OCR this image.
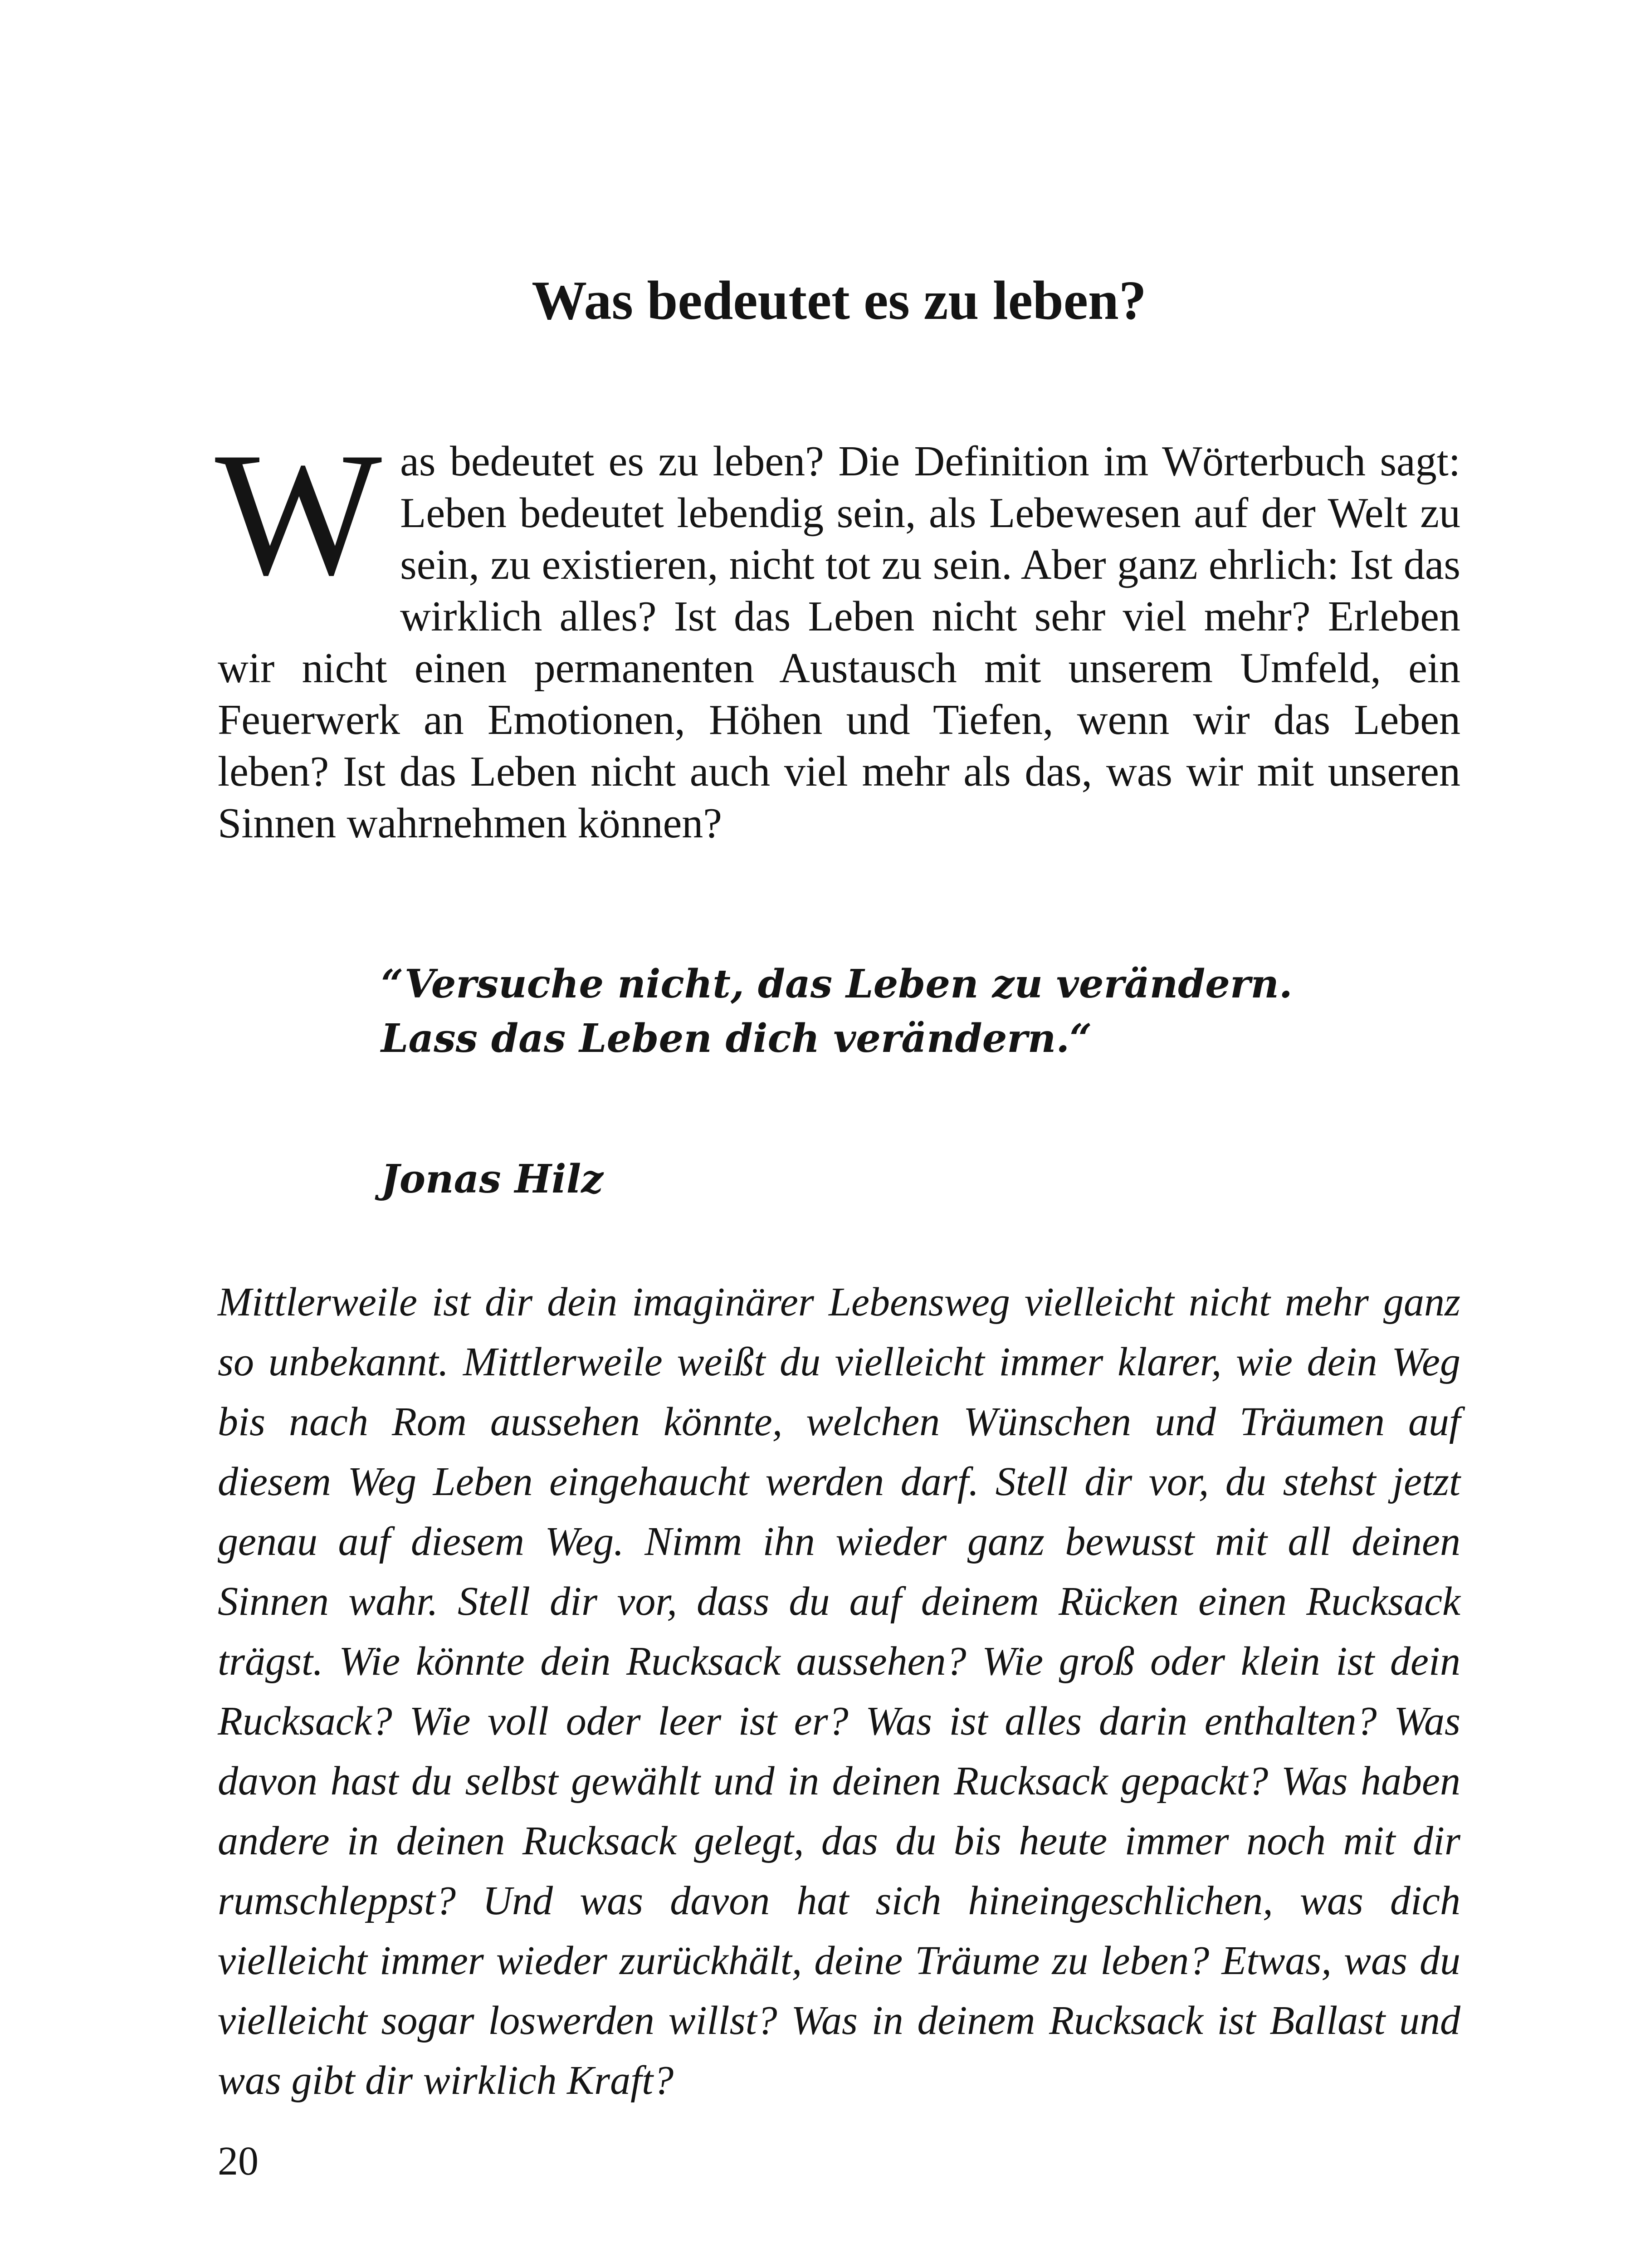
Was bedeutet es zu leben?

Was bedeutet es zu leben? Die Definition im Wörterbuch sagt: Leben bedeutet lebendig sein, als Lebewesen auf der Welt zu sein, zu existieren, nicht tot zu sein. Aber ganz ehrlich: Ist das wirklich alles? Ist das Leben nicht sehr viel mehr? Erleben wir nicht einen permanenten Austausch mit unserem Umfeld, ein Feuerwerk an Emotionen, Höhen und Tiefen, wenn wir das Leben leben? Ist das Leben nicht auch viel mehr als das, was wir mit unseren Sinnen wahrnehmen können?

“Versuche nicht, das Leben zu verändern.
Lass das Leben dich verändern.“
Jonas Hilz

Mittlerweile ist dir dein imaginärer Lebensweg vielleicht nicht mehr ganz so unbekannt. Mittlerweile weißt du vielleicht immer klarer, wie dein Weg bis nach Rom aussehen könnte, welchen Wünschen und Träumen auf diesem Weg Leben eingehaucht werden darf. Stell dir vor, du stehst jetzt genau auf diesem Weg. Nimm ihn wieder ganz bewusst mit all deinen Sinnen wahr. Stell dir vor, dass du auf deinem Rücken einen Rucksack trägst. Wie könnte dein Rucksack aussehen? Wie groß oder klein ist dein Rucksack? Wie voll oder leer ist er? Was ist alles darin enthalten? Was davon hast du selbst gewählt und in deinen Rucksack gepackt? Was haben andere in deinen Rucksack gelegt, das du bis heute immer noch mit dir rumschleppst? Und was davon hat sich hineingeschlichen, was dich vielleicht immer wieder zurückhält, deine Träume zu leben? Etwas, was du vielleicht sogar loswerden willst? Was in deinem Rucksack ist Ballast und was gibt dir wirklich Kraft?

20
